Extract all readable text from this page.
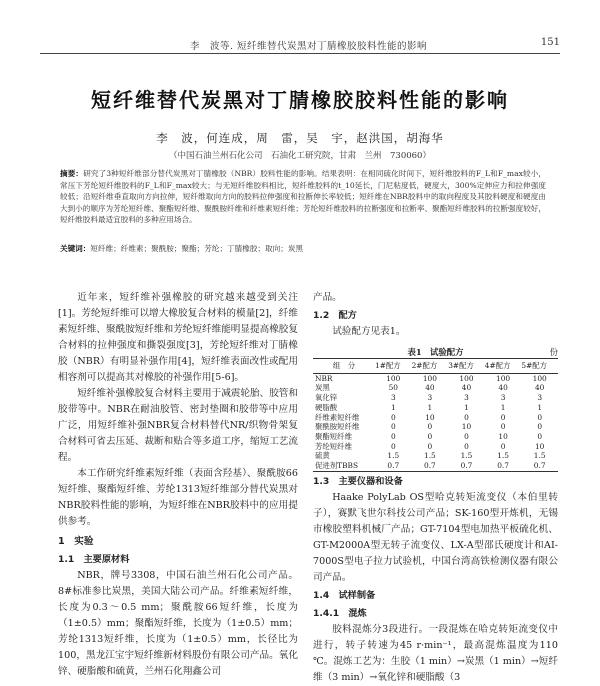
李　波等. 短纤维替代炭黑对丁腈橡胶胶料性能的影响	151
短纤维替代炭黑对丁腈橡胶胶料性能的影响
李　波，何连成，周　雷，吴　宇，赵洪国，胡海华
（中国石油兰州石化公司　石油化工研究院，甘肃　兰州　730060）
摘要：研究了3种短纤维部分替代炭黑对丁腈橡胶（NBR）胶料性能的影响。结果表明：在相同硫化时间下，短纤维胶料的F_L和F_max较小，常压下芳纶短纤维胶料的F_L和F_max较大；与无短纤维胶料相比，短纤维胶料的t_10延长，门尼粘度低，硬度大，300%定伸应力和拉伸强度较低；沿短纤维垂直取向方向拉伸，短纤维取向方向的胶料拉伸强度和拉断伸长率较低；短纤维在NBR胶料中的取向程度及其胶料硬度和硬度由大到小的顺序为芳纶短纤维、聚酯短纤维、聚酰胺纤维和纤维素短纤维；芳纶短纤维胶料的拉断强度和拉断率、聚酯短纤维胶料的拉断强度较好，短纤维胶料最适宜胶料的多种应用场合。
关键词：短纤维；纤维素；聚酰胺；聚酯；芳纶；丁腈橡胶；取向；炭黑

近年来，短纤维补强橡胶的研究越来越受到关注[1]。芳纶短纤维可以增大橡胶复合材料的模量[2]，纤维素短纤维、聚酰胺短纤维和芳纶短纤维能明显提高橡胶复合材料的拉伸强度和撕裂强度[3]，芳纶短纤维对丁腈橡胶（NBR）有明显补强作用[4]，短纤维表面改性或配用相容剂可以提高其对橡胶的补强作用[5-6]。

短纤维补强橡胶复合材料主要用于减震轮胎、胶管和胶带等中。NBR在耐油胶管、密封垫圈和胶带等中应用广泛，用短纤维补强NBR复合材料替代NR/织物骨架复合材料可省去压延、裁断和贴合等多道工序，缩短工艺流程。

本工作研究纤维素短纤维（表面含羟基）、聚酰胺66短纤维、聚酯短纤维、芳纶1313短纤维部分替代炭黑对NBR胶料性能的影响，为短纤维在NBR胶料中的应用提供参考。

1　实验
1.1　主要原材料

NBR，牌号3308，中国石油兰州石化公司产品。8#标准参比炭黑，美国大陆公司产品。纤维素短纤维，长度为0.3～0.5 mm；聚酰胺66短纤维，长度为（1±0.5）mm；聚酯短纤维，长度为（1±0.5）mm；芳纶1313短纤维，长度为（1±0.5）mm，长径比为100，黑龙江宝宇短纤维新材料股份有限公司产品。氧化锌、硬脂酸和硫黄，兰州石化翔鑫公司

产品。

1.2　配方

试验配方见表1。

表1　试验配方	份
组　分	1#配方	2#配方	3#配方	4#配方	5#配方
NBR	100	100	100	100	100
炭黑	50	40	40	40	40
氧化锌	3	3	3	3	3
硬脂酸	1	1	1	1	1
纤维素短纤维	0	10	0	0	0
聚酰胺短纤维	0	0	10	0	0
聚酯短纤维	0	0	0	10	0
芳纶短纤维	0	0	0	0	10
硫黄	1.5	1.5	1.5	1.5	1.5
促进剂TBBS	0.7	0.7	0.7	0.7	0.7
1.3　主要仪器和设备

Haake PolyLab OS型哈克转矩流变仪（本伯里转子），赛默飞世尔科技公司产品；SK-160型开炼机，无锡市橡胶塑料机械厂产品；GT-7104型电加热平板硫化机、GT-M2000A型无转子流变仪、LX-A型邵氏硬度计和AI-7000S型电子拉力试验机，中国台湾高铁检测仪器有限公司产品。

1.4　试样制备
1.4.1　混炼

胶料混炼分3段进行。一段混炼在哈克转矩流变仪中进行，转子转速为45 r·min⁻¹，最高混炼温度为110 ℃。混炼工艺为：生胶（1 min）→炭黑（1 min）→短纤维（3 min）→氧化锌和硬脂酸（3
